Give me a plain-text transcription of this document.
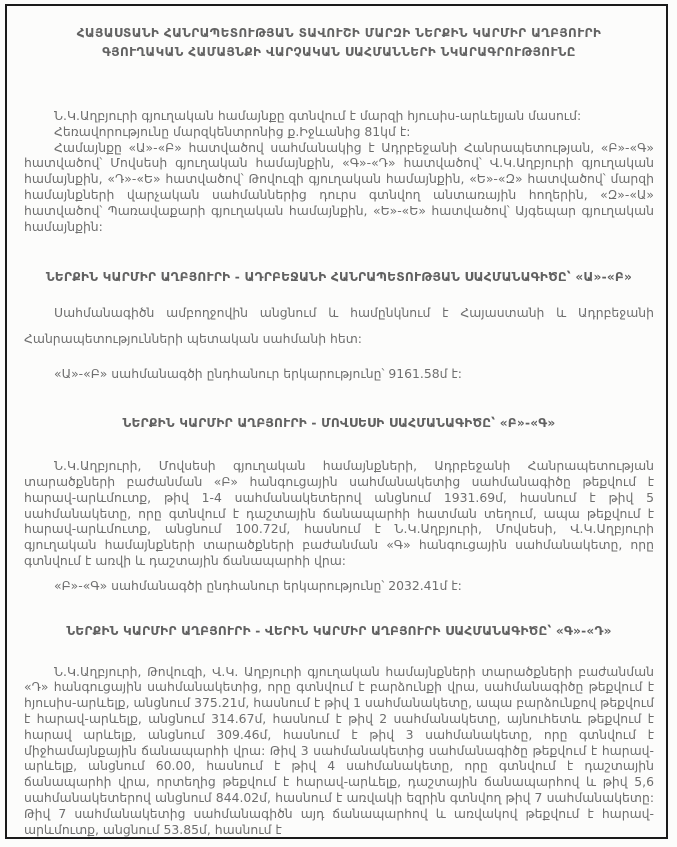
ՀԱՅԱՍՏԱՆԻ ՀԱՆՐԱՊԵՏՈՒԹՅԱՆ ՏԱՎՈՒՇԻ ՄԱՐԶԻ ՆԵՐՔԻՆ ԿԱՐՄԻՐ ԱՂԲՅՈՒՐԻ
ԳՅՈՒՂԱԿԱՆ ՀԱՄԱՅՆՔԻ ՎԱՐՉԱԿԱՆ ՍԱՀՄԱՆՆԵՐԻ ՆԿԱՐԱԳՐՈՒԹՅՈՒՆԸ

Ն.Կ.Աղբյուրի գյուղական համայնքը գտնվում է մարզի հյուսիս-արևելյան մասում:

Հեռավորությունը մարզկենտրոնից ք.Իջևանից 81կմ է:

Համայնքը «Ա»-«Բ» հատվածով սահմանակից է Ադրբեջանի Հանրապետության, «Բ»-«Գ» հատվածով՝ Մովսեսի գյուղական համայնքին, «Գ»-«Դ» հատվածով՝ Վ.Կ.Աղբյուրի գյուղական համայնքին, «Դ»-«Ե» հատվածով՝ Թովուզի գյուղական համայնքին, «Ե»-«Զ» հատվածով՝ մարզի համայնքների վարչական սահմաններից դուրս գտնվող անտառային հողերին, «Զ»-«Ա» հատվածով՝ Պառավաքարի գյուղական համայնքին, «Ե»-«Ե» հատվածով՝ Այգեպար գյուղական համայնքին:

ՆԵՐՔԻՆ ԿԱՐՄԻՐ ԱՂԲՅՈՒՐԻ - ԱԴՐԲԵՋԱՆԻ ՀԱՆՐԱՊԵՏՈՒԹՅԱՆ ՍԱՀՄԱՆԱԳԻԾԸ՝ «Ա»-«Բ»

Սահմանագիծն ամբողջովին անցնում և համընկնում է Հայաստանի և Ադրբեջանի Հանրապետությունների պետական սահմանի հետ:

«Ա»-«Բ» սահմանագծի ընդհանուր երկարությունը՝ 9161.58մ է:

ՆԵՐՔԻՆ ԿԱՐՄԻՐ ԱՂԲՅՈՒՐԻ - ՄՈՎՍԵՍԻ ՍԱՀՄԱՆԱԳԻԾԸ՝ «Բ»-«Գ»

Ն.Կ.Աղբյուրի, Մովսեսի գյուղական համայնքների, Ադրբեջանի Հանրապետության տարածքների բաժանման «Բ» հանգուցային սահմանակետից սահմանագիծը թեքվում է հարավ-արևմուտք, թիվ 1-4 սահմանակետերով անցնում 1931.69մ, հասնում է թիվ 5 սահմանակետը, որը գտնվում է դաշտային ճանապարհի հատման տեղում, ապա թեքվում է հարավ-արևմուտք, անցնում 100.72մ, հասնում է Ն.Կ.Աղբյուրի, Մովսեսի, Վ.Կ.Աղբյուրի գյուղական համայնքների տարածքների բաժանման «Գ» հանգուցային սահմանակետը, որը գտնվում է առվի և դաշտային ճանապարհի վրա:

«Բ»-«Գ» սահմանագծի ընդհանուր երկարությունը՝ 2032.41մ է:

ՆԵՐՔԻՆ ԿԱՐՄԻՐ ԱՂԲՅՈՒՐԻ - ՎԵՐԻՆ ԿԱՐՄԻՐ ԱՂԲՅՈՒՐԻ ՍԱՀՄԱՆԱԳԻԾԸ՝ «Գ»-«Դ»

Ն.Կ.Աղբյուրի, Թովուզի, Վ.Կ. Աղբյուրի գյուղական համայնքների տարածքների բաժանման «Դ» հանգուցային սահմանակետից, որը գտնվում է բարձունքի վրա, սահմանագիծը թեքվում է հյուսիս-արևելք, անցնում 375.21մ, հասնում է թիվ 1 սահմանակետը, ապա բարձունքով թեքվում է հարավ-արևելք, անցնում 314.67մ, հասնում է թիվ 2 սահմանակետը, այնուհետև թեքվում է հարավ արևելք, անցնում 309.46մ, հասնում է թիվ 3 սահմանակետը, որը գտնվում է միջհամայնքային ճանապարհի վրա: Թիվ 3 սահմանակետից սահմանագիծը թեքվում է հարավ-արևելք, անցնում 60.00, հասնում է թիվ 4 սահմանակետը, որը գտնվում է դաշտային ճանապարհի վրա, որտեղից թեքվում է հարավ-արևելք, դաշտային ճանապարհով և թիվ 5,6 սահմանակետերով անցնում 844.02մ, հասնում է առվակի եզրին գտնվող թիվ 7 սահմանակետը: Թիվ 7 սահմանակետից սահմանագիծն այդ ճանապարհով և առվակով թեքվում է հարավ-արևմուտք, անցնում 53.85մ, հասնում է
